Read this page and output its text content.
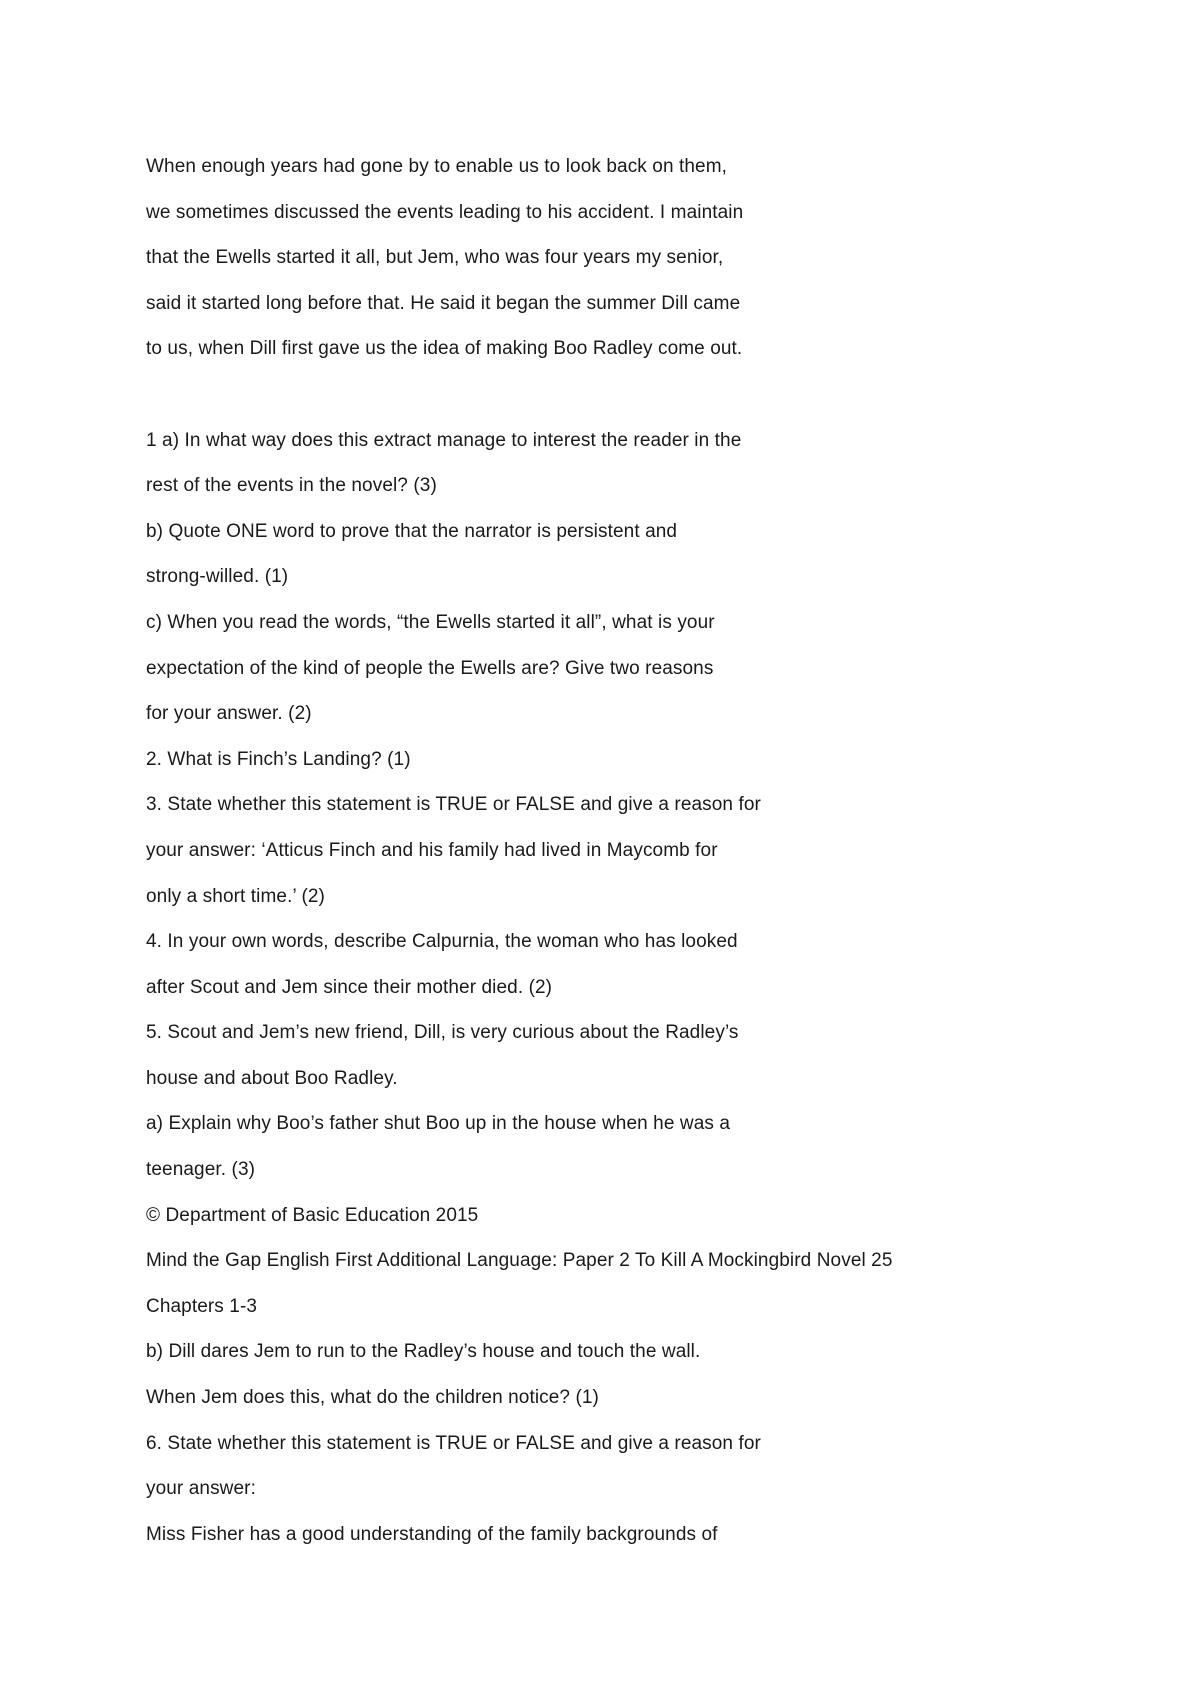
When enough years had gone by to enable us to look back on them,
we sometimes discussed the events leading to his accident. I maintain
that the Ewells started it all, but Jem, who was four years my senior,
said it started long before that. He said it began the summer Dill came
to us, when Dill first gave us the idea of making Boo Radley come out.
1 a) In what way does this extract manage to interest the reader in the
rest of the events in the novel? (3)
b) Quote ONE word to prove that the narrator is persistent and
strong-willed. (1)
c) When you read the words, “the Ewells started it all”, what is your
expectation of the kind of people the Ewells are? Give two reasons
for your answer. (2)
2. What is Finch’s Landing? (1)
3. State whether this statement is TRUE or FALSE and give a reason for
your answer: ‘Atticus Finch and his family had lived in Maycomb for
only a short time.’ (2)
4. In your own words, describe Calpurnia, the woman who has looked
after Scout and Jem since their mother died. (2)
5. Scout and Jem’s new friend, Dill, is very curious about the Radley’s
house and about Boo Radley.
a) Explain why Boo’s father shut Boo up in the house when he was a
teenager. (3)
© Department of Basic Education 2015
Mind the Gap English First Additional Language: Paper 2 To Kill A Mockingbird Novel 25
Chapters 1-3
b) Dill dares Jem to run to the Radley’s house and touch the wall.
When Jem does this, what do the children notice? (1)
6. State whether this statement is TRUE or FALSE and give a reason for
your answer:
Miss Fisher has a good understanding of the family backgrounds of
